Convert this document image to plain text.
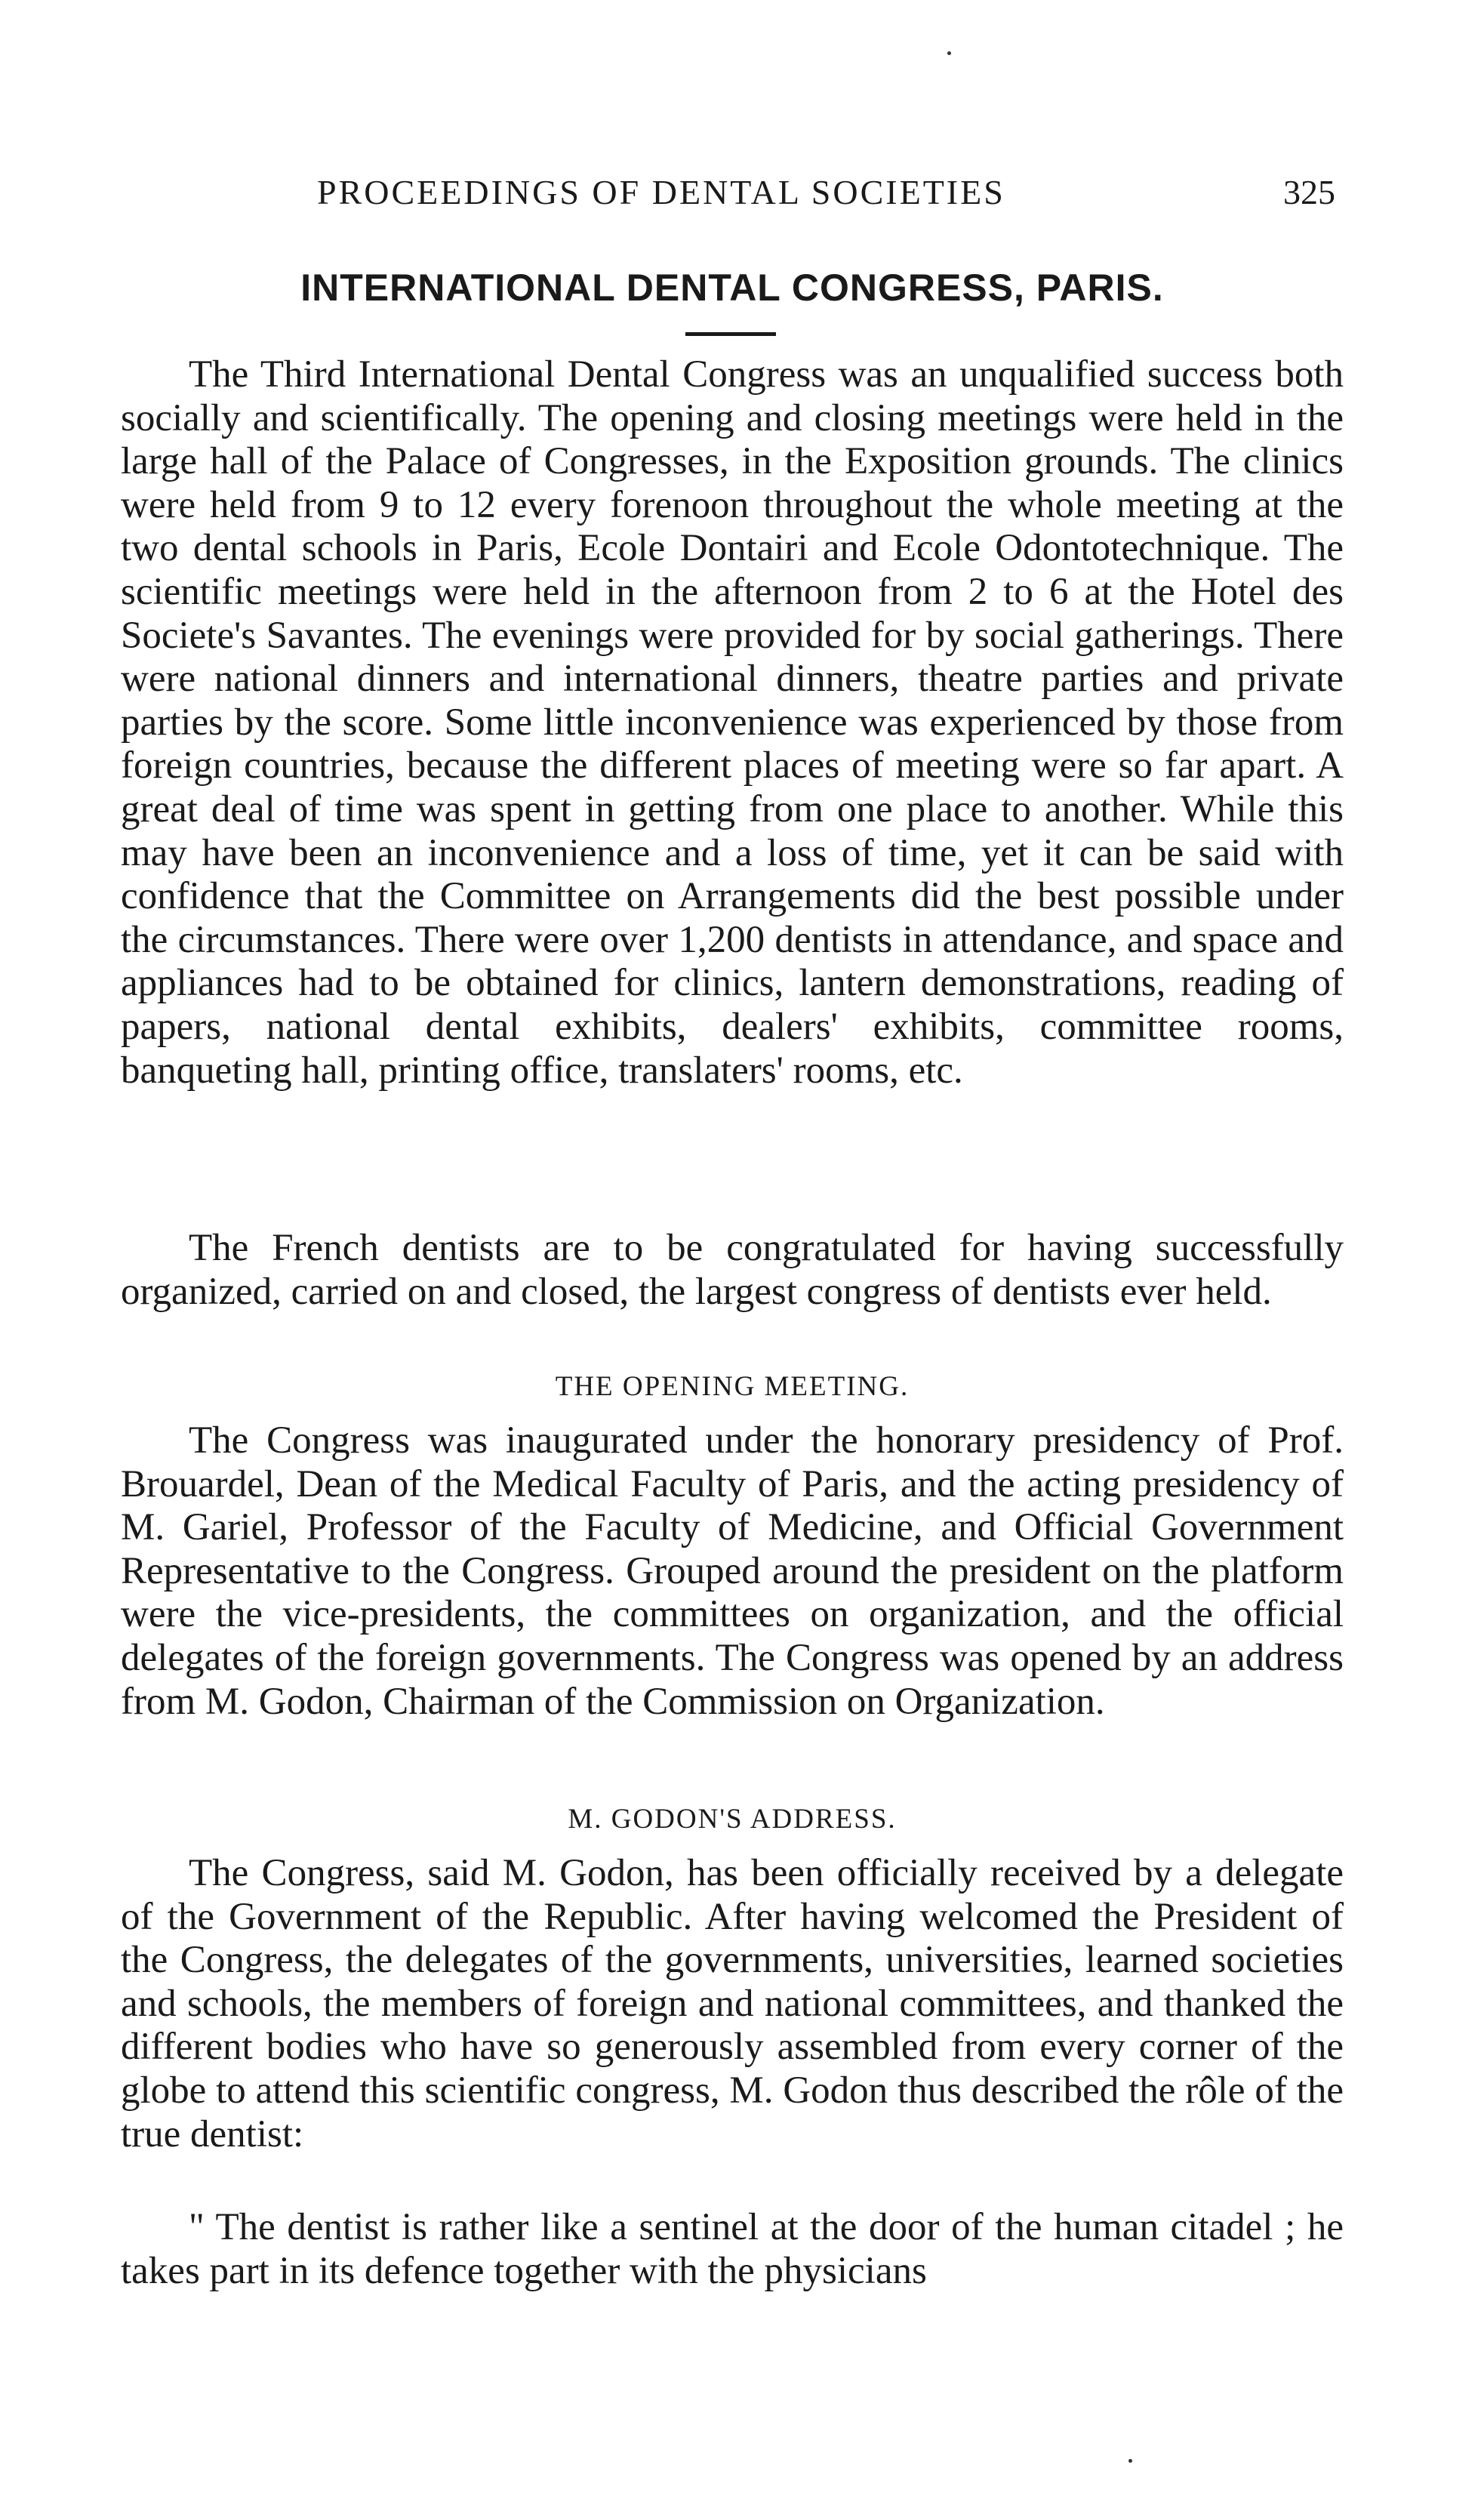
PROCEEDINGS OF DENTAL SOCIETIES	325
INTERNATIONAL DENTAL CONGRESS, PARIS.

The Third International Dental Congress was an unqualified success both socially and scientifically. The opening and closing meetings were held in the large hall of the Palace of Congresses, in the Exposition grounds. The clinics were held from 9 to 12 every forenoon throughout the whole meeting at the two dental schools in Paris, Ecole Dontairi and Ecole Odontotechnique. The scientific meetings were held in the afternoon from 2 to 6 at the Hotel des Societe's Savantes. The evenings were provided for by social gatherings. There were national dinners and international dinners, theatre parties and private parties by the score. Some little inconvenience was experienced by those from foreign countries, because the different places of meeting were so far apart. A great deal of time was spent in getting from one place to another. While this may have been an inconvenience and a loss of time, yet it can be said with confidence that the Committee on Arrangements did the best possible under the circumstances. There were over 1,200 dentists in attendance, and space and appliances had to be obtained for clinics, lantern demonstrations, reading of papers, national dental exhibits, dealers' exhibits, committee rooms, banqueting hall, printing office, translaters' rooms, etc.

The French dentists are to be congratulated for having successfully organized, carried on and closed, the largest congress of dentists ever held.

THE OPENING MEETING.

The Congress was inaugurated under the honorary presidency of Prof. Brouardel, Dean of the Medical Faculty of Paris, and the acting presidency of M. Gariel, Professor of the Faculty of Medicine, and Official Government Representative to the Congress. Grouped around the president on the platform were the vice-presidents, the committees on organization, and the official delegates of the foreign governments. The Congress was opened by an address from M. Godon, Chairman of the Commission on Organization.

M. GODON'S ADDRESS.

The Congress, said M. Godon, has been officially received by a delegate of the Government of the Republic. After having welcomed the President of the Congress, the delegates of the governments, universities, learned societies and schools, the members of foreign and national committees, and thanked the different bodies who have so generously assembled from every corner of the globe to attend this scientific congress, M. Godon thus described the rôle of the true dentist:

" The dentist is rather like a sentinel at the door of the human citadel ; he takes part in its defence together with the physicians
